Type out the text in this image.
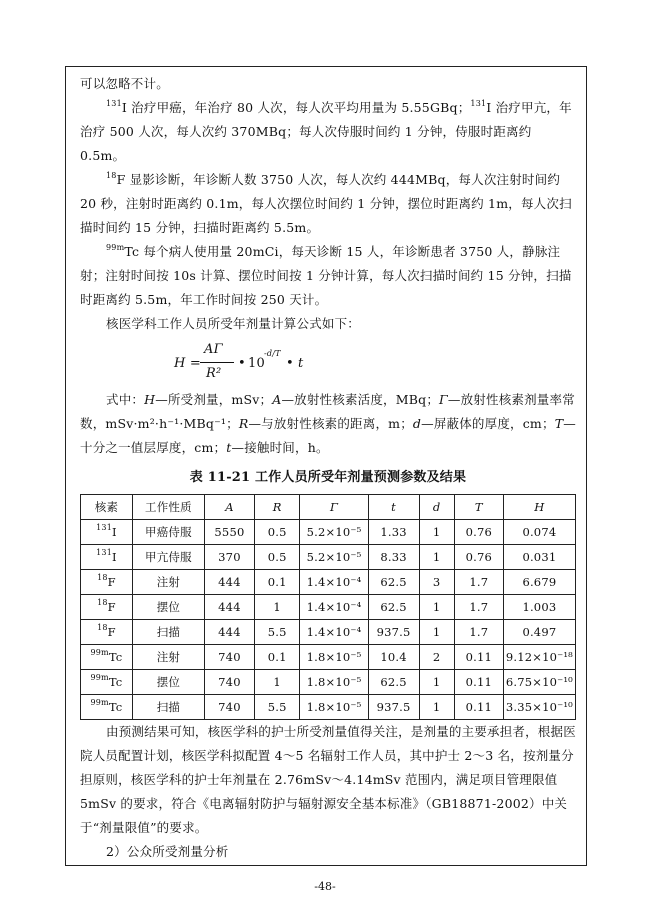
可以忽略不计。

$^{131}$I 治疗甲癌，年治疗 80 人次，每人次平均用量为 5.55GBq；$^{131}$I 治疗甲亢，年治疗 500 人次，每人次约 370MBq；每人次侍服时间约 1 分钟，侍服时距离约 0.5m。

$^{18}$F 显影诊断，年诊断人数 3750 人次，每人次约 444MBq，每人次注射时间约 20 秒，注射时距离约 0.1m，每人次摆位时间约 1 分钟，摆位时距离约 1m，每人次扫描时间约 15 分钟，扫描时距离约 5.5m。

$^{99m}$Tc 每个病人使用量 20mCi，每天诊断 15 人，年诊断患者 3750 人，静脉注射；注射时间按 10s 计算、摆位时间按 1 分钟计算，每人次扫描时间约 15 分钟，扫描时距离约 5.5m，年工作时间按 250 天计。

核医学科工作人员所受年剂量计算公式如下：

H =
AΓ
R²
• 10
-d/T
• t

式中：H—所受剂量，mSv；A—放射性核素活度，MBq；Γ—放射性核素剂量率常数，mSv·m²·h⁻¹·MBq⁻¹；R—与放射性核素的距离，m；d—屏蔽体的厚度，cm；T—十分之一值层厚度，cm；t—接触时间，h。

表 11-21 工作人员所受年剂量预测参数及结果
核素	工作性质	A	R	Γ	t	d	T	H
$^{131}$I	甲癌侍服	5550	0.5	5.2×10⁻⁵	1.33	1	0.76	0.074
$^{131}$I	甲亢侍服	370	0.5	5.2×10⁻⁵	8.33	1	0.76	0.031
$^{18}$F	注射	444	0.1	1.4×10⁻⁴	62.5	3	1.7	6.679
$^{18}$F	摆位	444	1	1.4×10⁻⁴	62.5	1	1.7	1.003
$^{18}$F	扫描	444	5.5	1.4×10⁻⁴	937.5	1	1.7	0.497
$^{99m}$Tc	注射	740	0.1	1.8×10⁻⁵	10.4	2	0.11	9.12×10⁻¹⁸
$^{99m}$Tc	摆位	740	1	1.8×10⁻⁵	62.5	1	0.11	6.75×10⁻¹⁰
$^{99m}$Tc	扫描	740	5.5	1.8×10⁻⁵	937.5	1	0.11	3.35×10⁻¹⁰

由预测结果可知，核医学科的护士所受剂量值得关注，是剂量的主要承担者，根据医院人员配置计划，核医学科拟配置 4～5 名辐射工作人员，其中护士 2～3 名，按剂量分担原则，核医学科的护士年剂量在 2.76mSv～4.14mSv 范围内，满足项目管理限值 5mSv 的要求，符合《电离辐射防护与辐射源安全基本标准》（GB18871-2002）中关于“剂量限值”的要求。

2）公众所受剂量分析

-48-
